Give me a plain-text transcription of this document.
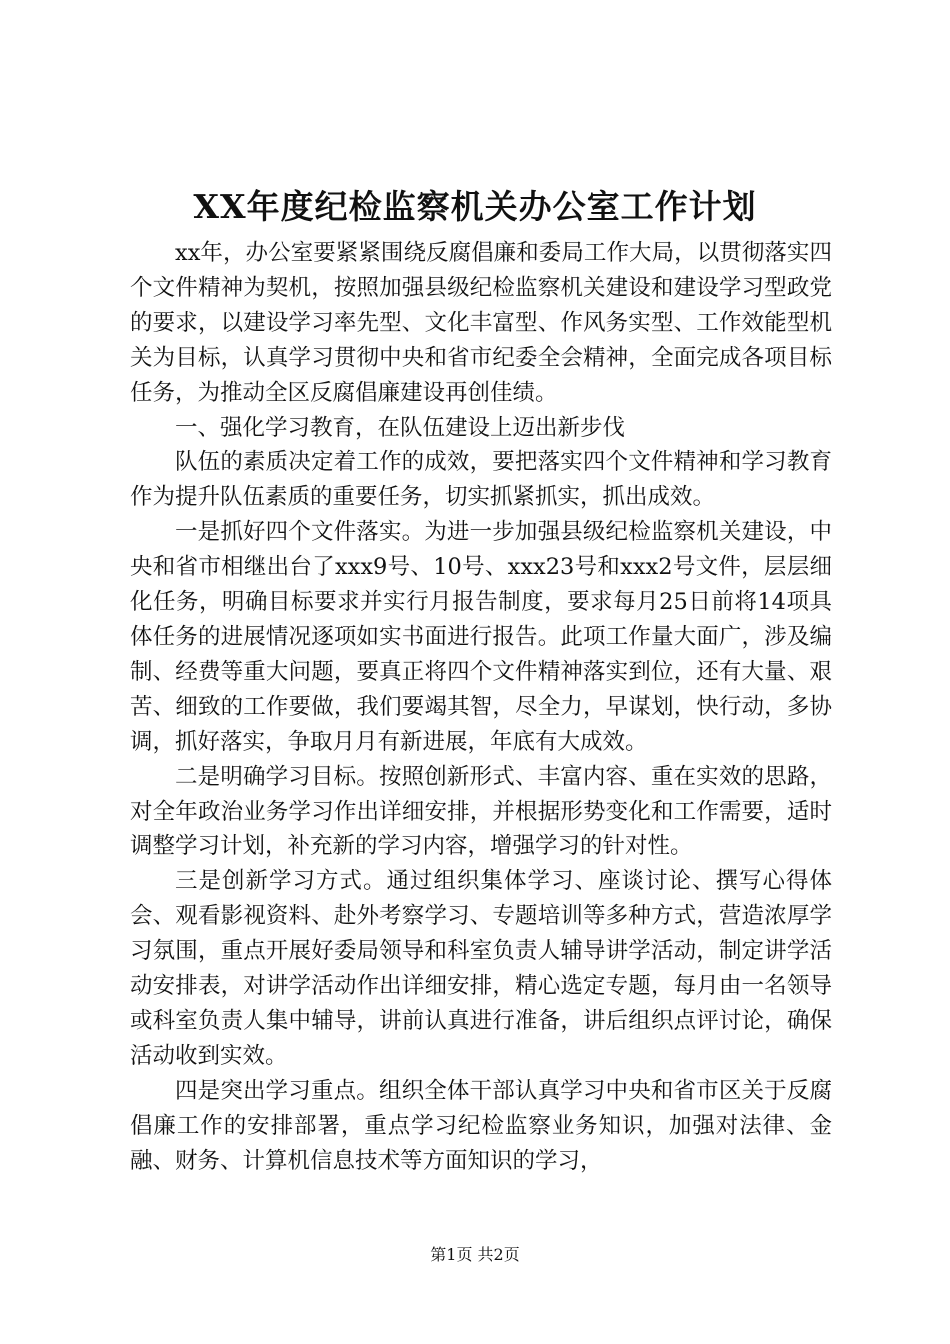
XX年度纪检监察机关办公室工作计划

xx年，办公室要紧紧围绕反腐倡廉和委局工作大局，以贯彻落实四个文件精神为契机，按照加强县级纪检监察机关建设和建设学习型政党的要求，以建设学习率先型、文化丰富型、作风务实型、工作效能型机关为目标，认真学习贯彻中央和省市纪委全会精神，全面完成各项目标任务，为推动全区反腐倡廉建设再创佳绩。

一、强化学习教育，在队伍建设上迈出新步伐

队伍的素质决定着工作的成效，要把落实四个文件精神和学习教育作为提升队伍素质的重要任务，切实抓紧抓实，抓出成效。

一是抓好四个文件落实。为进一步加强县级纪检监察机关建设，中央和省市相继出台了xxx9号、10号、xxx23号和xxx2号文件，层层细化任务，明确目标要求并实行月报告制度，要求每月25日前将14项具体任务的进展情况逐项如实书面进行报告。此项工作量大面广，涉及编制、经费等重大问题，要真正将四个文件精神落实到位，还有大量、艰苦、细致的工作要做，我们要竭其智，尽全力，早谋划，快行动，多协调，抓好落实，争取月月有新进展，年底有大成效。

二是明确学习目标。按照创新形式、丰富内容、重在实效的思路，对全年政治业务学习作出详细安排，并根据形势变化和工作需要，适时调整学习计划，补充新的学习内容，增强学习的针对性。

三是创新学习方式。通过组织集体学习、座谈讨论、撰写心得体会、观看影视资料、赴外考察学习、专题培训等多种方式，营造浓厚学习氛围，重点开展好委局领导和科室负责人辅导讲学活动，制定讲学活动安排表，对讲学活动作出详细安排，精心选定专题，每月由一名领导或科室负责人集中辅导，讲前认真进行准备，讲后组织点评讨论，确保活动收到实效。

四是突出学习重点。组织全体干部认真学习中央和省市区关于反腐倡廉工作的安排部署，重点学习纪检监察业务知识，加强对法律、金融、财务、计算机信息技术等方面知识的学习，

第1页 共2页
